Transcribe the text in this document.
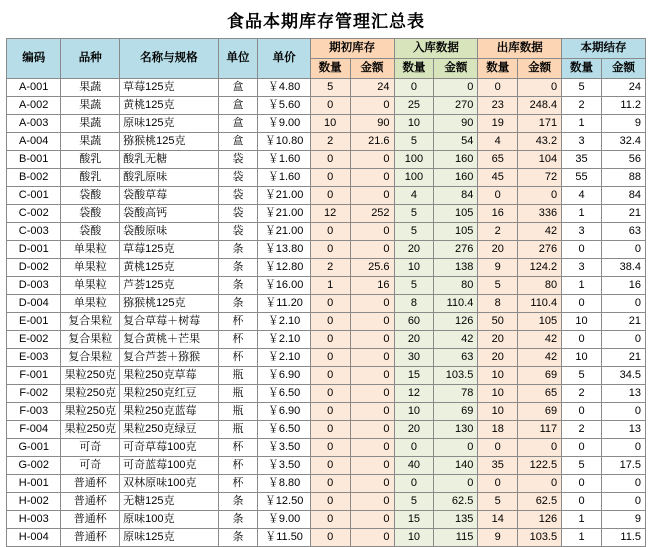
食品本期库存管理汇总表
编码	品种	名称与规格	单位	单价	期初库存		入库数据		出库数据		本期结存	
					数量	金额	数量	金额	数量	金额	数量	金额
A-001	果蔬	草莓125克	盒	￥4.80	5	24	0	0	0	0	5	24
A-002	果蔬	黄桃125克	盒	￥5.60	0	0	25	270	23	248.4	2	11.2
A-003	果蔬	原味125克	盒	￥9.00	10	90	10	90	19	171	1	9
A-004	果蔬	猕猴桃125克	盒	￥10.80	2	21.6	5	54	4	43.2	3	32.4
B-001	酸乳	酸乳无糖	袋	￥1.60	0	0	100	160	65	104	35	56
B-002	酸乳	酸乳原味	袋	￥1.60	0	0	100	160	45	72	55	88
C-001	袋酸	袋酸草莓	袋	￥21.00	0	0	4	84	0	0	4	84
C-002	袋酸	袋酸高钙	袋	￥21.00	12	252	5	105	16	336	1	21
C-003	袋酸	袋酸原味	袋	￥21.00	0	0	5	105	2	42	3	63
D-001	单果粒	草莓125克	条	￥13.80	0	0	20	276	20	276	0	0
D-002	单果粒	黄桃125克	条	￥12.80	2	25.6	10	138	9	124.2	3	38.4
D-003	单果粒	芦荟125克	条	￥16.00	1	16	5	80	5	80	1	16
D-004	单果粒	猕猴桃125克	条	￥11.20	0	0	8	110.4	8	110.4	0	0
E-001	复合果粒	复合草莓＋树莓	杯	￥2.10	0	0	60	126	50	105	10	21
E-002	复合果粒	复合黄桃＋芒果	杯	￥2.10	0	0	20	42	20	42	0	0
E-003	复合果粒	复合芦荟＋猕猴	杯	￥2.10	0	0	30	63	20	42	10	21
F-001	果粒250克	果粒250克草莓	瓶	￥6.90	0	0	15	103.5	10	69	5	34.5
F-002	果粒250克	果粒250克红豆	瓶	￥6.50	0	0	12	78	10	65	2	13
F-003	果粒250克	果粒250克蓝莓	瓶	￥6.90	0	0	10	69	10	69	0	0
F-004	果粒250克	果粒250克绿豆	瓶	￥6.50	0	0	20	130	18	117	2	13
G-001	可奇	可奇草莓100克	杯	￥3.50	0	0	0	0	0	0	0	0
G-002	可奇	可奇蓝莓100克	杯	￥3.50	0	0	40	140	35	122.5	5	17.5
H-001	普通杯	双林原味100克	杯	￥8.80	0	0	0	0	0	0	0	0
H-002	普通杯	无糖125克	条	￥12.50	0	0	5	62.5	5	62.5	0	0
H-003	普通杯	原味100克	条	￥9.00	0	0	15	135	14	126	1	9
H-004	普通杯	原味125克	条	￥11.50	0	0	10	115	9	103.5	1	11.5
